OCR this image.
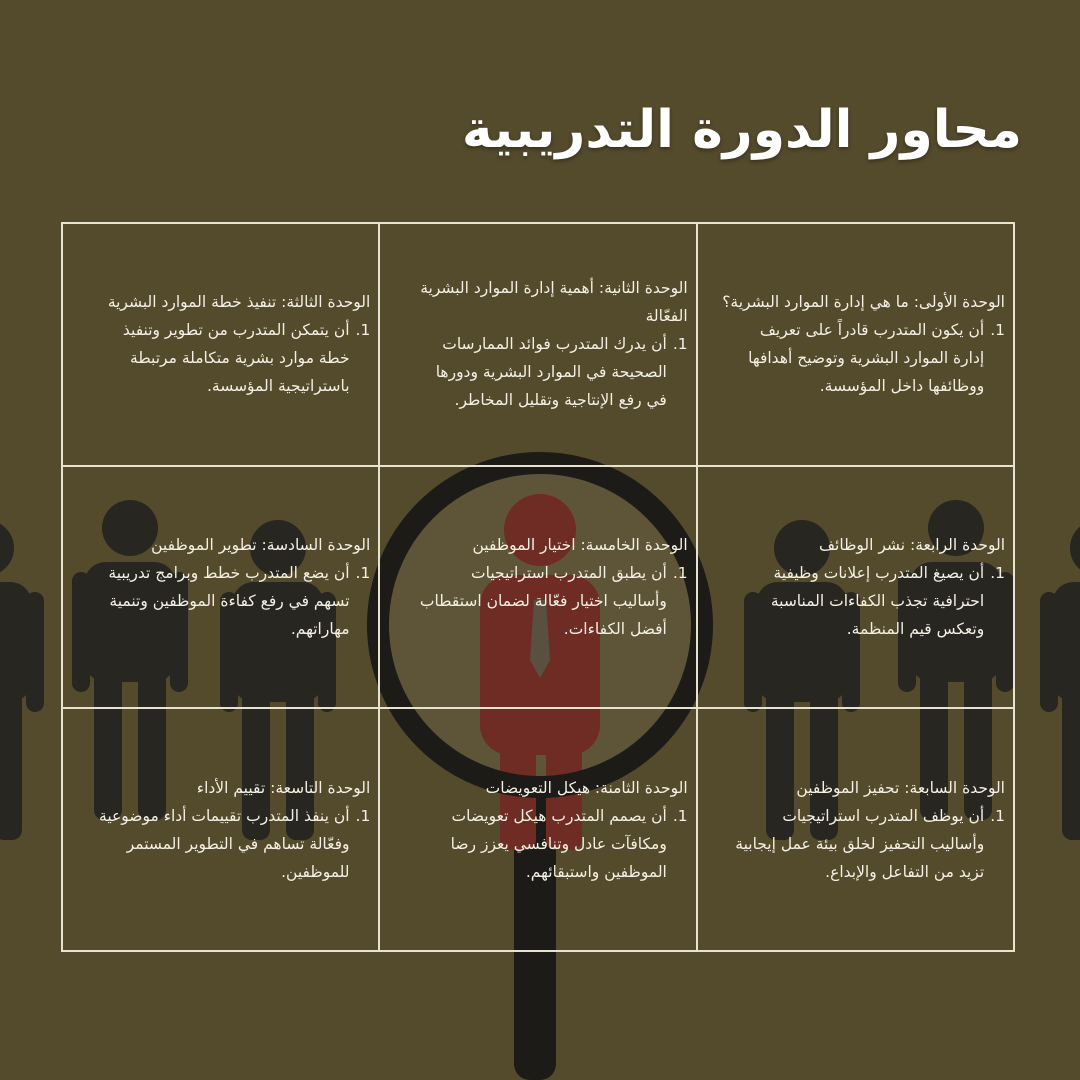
محاور الدورة التدريبية

الوحدة الأولى: ما هي إدارة الموارد البشرية؟

1.
أن يكون المتدرب قادراً على تعريف إدارة الموارد البشرية وتوضيح أهدافها ووظائفها داخل المؤسسة.

الوحدة الثانية: أهمية إدارة الموارد البشرية الفعّالة

1.
أن يدرك المتدرب فوائد الممارسات الصحيحة في الموارد البشرية ودورها في رفع الإنتاجية وتقليل المخاطر.

الوحدة الثالثة: تنفيذ خطة الموارد البشرية

1.
أن يتمكن المتدرب من تطوير وتنفيذ خطة موارد بشرية متكاملة مرتبطة باستراتيجية المؤسسة.

الوحدة الرابعة: نشر الوظائف

1.
أن يصيغ المتدرب إعلانات وظيفية احترافية تجذب الكفاءات المناسبة وتعكس قيم المنظمة.

الوحدة الخامسة: اختيار الموظفين

1.
أن يطبق المتدرب استراتيجيات وأساليب اختيار فعّالة لضمان استقطاب أفضل الكفاءات.

الوحدة السادسة: تطوير الموظفين

1.
أن يضع المتدرب خطط وبرامج تدريبية تسهم في رفع كفاءة الموظفين وتنمية مهاراتهم.

الوحدة السابعة: تحفيز الموظفين

1.
أن يوظف المتدرب استراتيجيات وأساليب التحفيز لخلق بيئة عمل إيجابية تزيد من التفاعل والإبداع.

الوحدة الثامنة: هيكل التعويضات

1.
أن يصمم المتدرب هيكل تعويضات ومكافآت عادل وتنافسي يعزز رضا الموظفين واستبقائهم.

الوحدة التاسعة: تقييم الأداء

1.
أن ينفذ المتدرب تقييمات أداء موضوعية وفعّالة تساهم في التطوير المستمر للموظفين.
